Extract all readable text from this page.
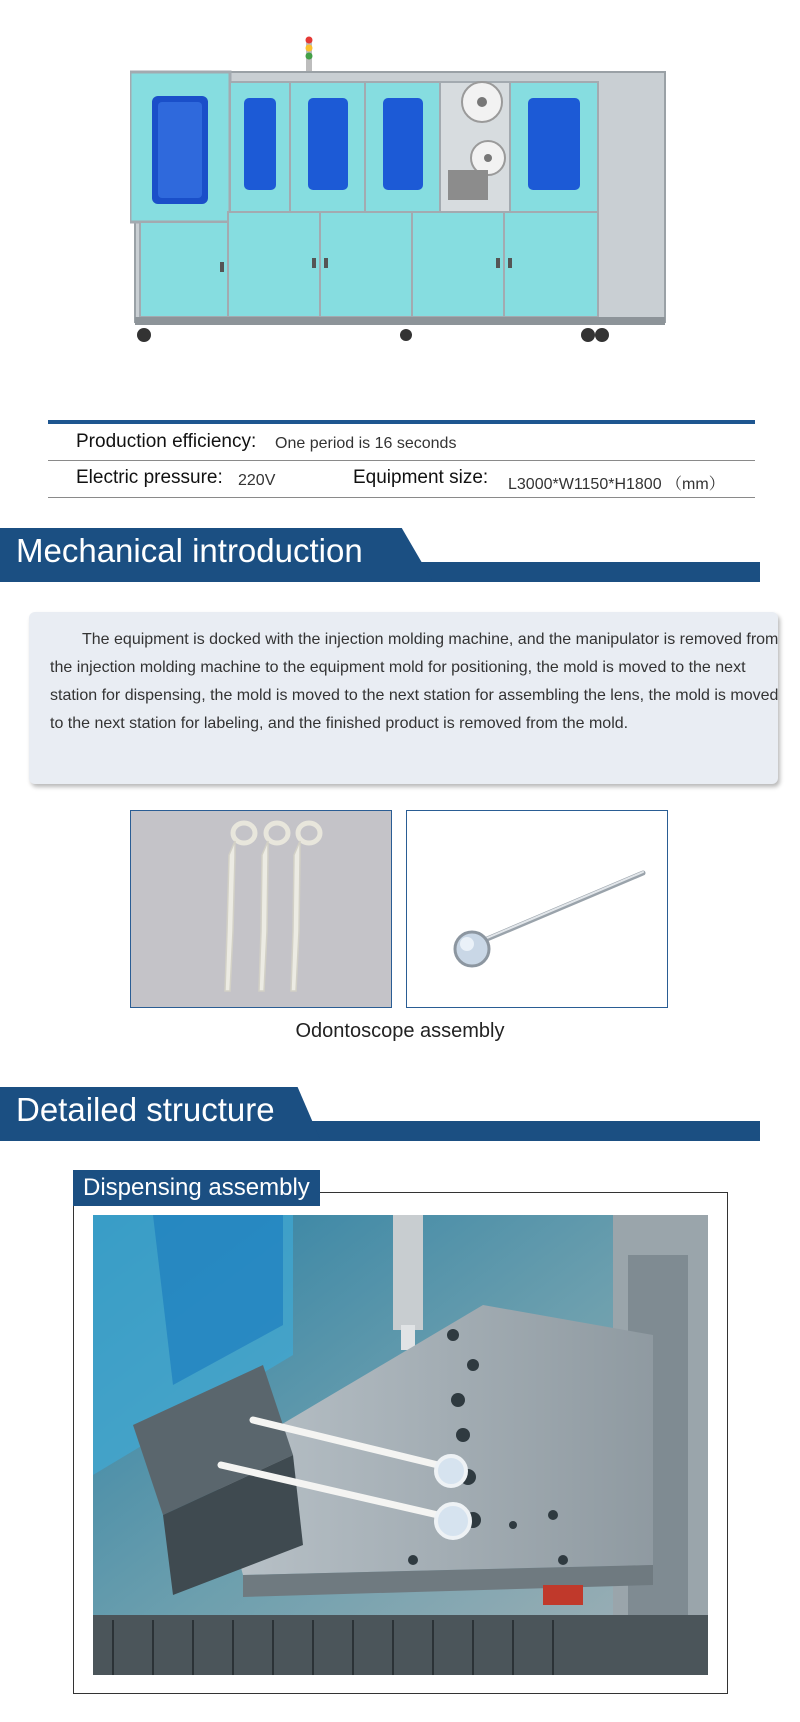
Production efficiency: One period is 16 seconds
Electric pressure: 220V	Equipment size: L3000*W1150*H1800 （mm）
Mechanical introduction
The equipment is docked with the injection molding machine, and the manipulator is removed from the injection molding machine to the equipment mold for positioning, the mold is moved to the next station for dispensing, the mold is moved to the next station for assembling the lens, the mold is moved to the next station for labeling, and the finished product is removed from the mold.
Odontoscope assembly
Detailed structure
Dispensing assembly
